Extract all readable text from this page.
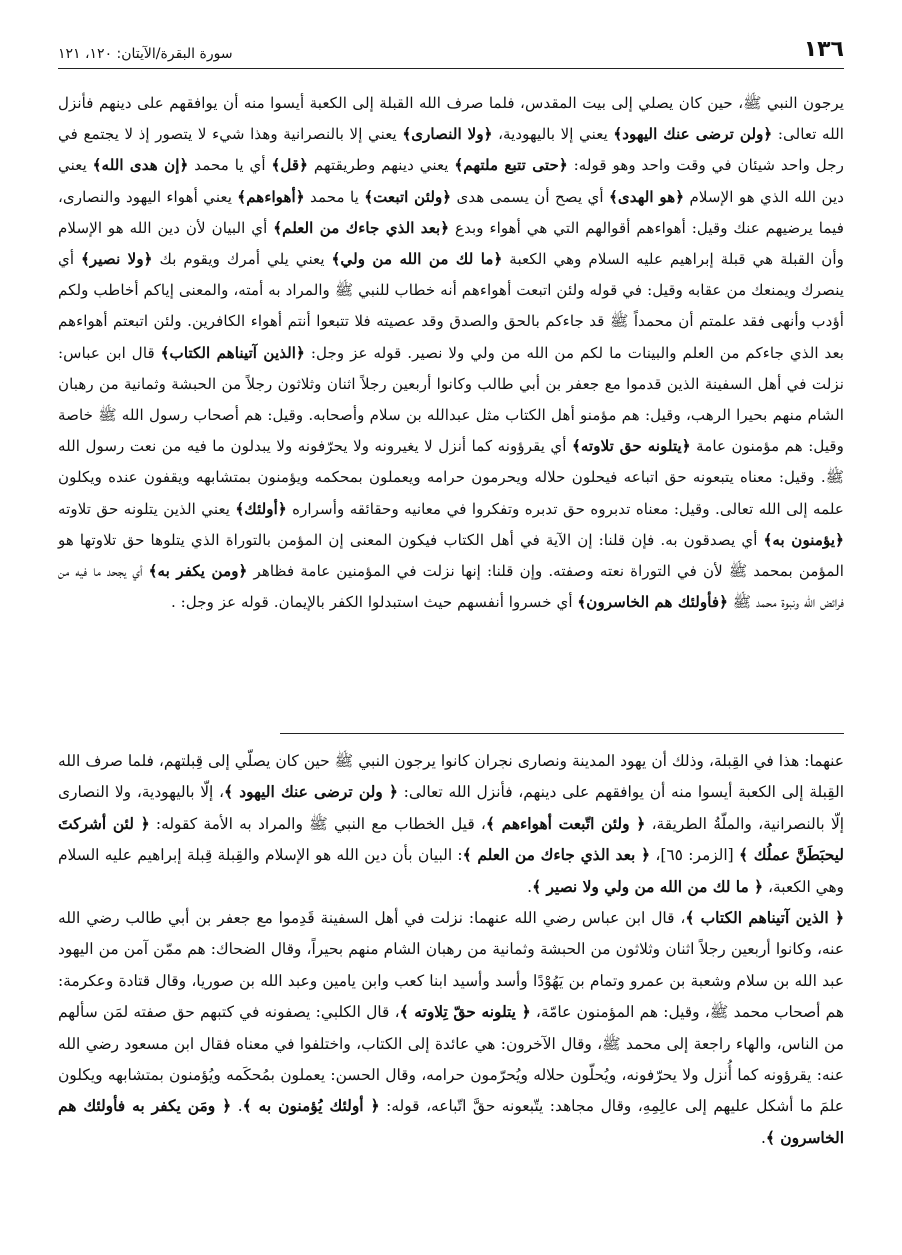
١٣٦
سورة البقرة/الآيتان: ١٢٠، ١٢١

يرجون النبي ﷺ، حين كان يصلي إلى بيت المقدس، فلما صرف الله القبلة إلى الكعبة أيسوا منه أن يوافقهم على دينهم فأنزل الله تعالى: ﴿ولن ترضى عنك اليهود﴾ يعني إلا باليهودية، ﴿ولا النصارى﴾ يعني إلا بالنصرانية وهذا شيء لا يتصور إذ لا يجتمع في رجل واحد شيئان في وقت واحد وهو قوله: ﴿حتى تتبع ملتهم﴾ يعني دينهم وطريقتهم ﴿قل﴾ أي يا محمد ﴿إن هدى الله﴾ يعني دين الله الذي هو الإسلام ﴿هو الهدى﴾ أي يصح أن يسمى هدى ﴿ولئن اتبعت﴾ يا محمد ﴿أهواءهم﴾ يعني أهواء اليهود والنصارى، فيما يرضيهم عنك وقيل: أهواءهم أقوالهم التي هي أهواء وبدع ﴿بعد الذي جاءك من العلم﴾ أي البيان لأن دين الله هو الإسلام وأن القبلة هي قبلة إبراهيم عليه السلام وهي الكعبة ﴿ما لك من الله من ولي﴾ يعني يلي أمرك ويقوم بك ﴿ولا نصير﴾ أي ينصرك ويمنعك من عقابه وقيل: في قوله ولئن اتبعت أهواءهم أنه خطاب للنبي ﷺ والمراد به أمته، والمعنى إياكم أخاطب ولكم أؤدب وأنهى فقد علمتم أن محمداً ﷺ قد جاءكم بالحق والصدق وقد عصيته فلا تتبعوا أنتم أهواء الكافرين. ولئن اتبعتم أهواءهم بعد الذي جاءكم من العلم والبينات ما لكم من الله من ولي ولا نصير. قوله عز وجل: ﴿الذين آتيناهم الكتاب﴾ قال ابن عباس: نزلت في أهل السفينة الذين قدموا مع جعفر بن أبي طالب وكانوا أربعين رجلاً اثنان وثلاثون رجلاً من الحبشة وثمانية من رهبان الشام منهم بحيرا الرهب، وقيل: هم مؤمنو أهل الكتاب مثل عبدالله بن سلام وأصحابه. وقيل: هم أصحاب رسول الله ﷺ خاصة وقيل: هم مؤمنون عامة ﴿يتلونه حق تلاوته﴾ أي يقرؤونه كما أنزل لا يغيرونه ولا يحرّفونه ولا يبدلون ما فيه من نعت رسول الله ﷺ. وقيل: معناه يتبعونه حق اتباعه فيحلون حلاله ويحرمون حرامه ويعملون بمحكمه ويؤمنون بمتشابهه ويقفون عنده ويكلون علمه إلى الله تعالى. وقيل: معناه تدبروه حق تدبره وتفكروا في معانيه وحقائقه وأسراره ﴿أولئك﴾ يعني الذين يتلونه حق تلاوته ﴿يؤمنون به﴾ أي يصدقون به. فإن قلنا: إن الآية في أهل الكتاب فيكون المعنى إن المؤمن بالتوراة الذي يتلوها حق تلاوتها هو المؤمن بمحمد ﷺ لأن في التوراة نعته وصفته. وإن قلنا: إنها نزلت في المؤمنين عامة فظاهر ﴿ومن يكفر به﴾ أي يجحد ما فيه من فرائض الله ونبوة محمد ﷺ ﴿فأولئك هم الخاسرون﴾ أي خسروا أنفسهم حيث استبدلوا الكفر بالإيمان. قوله عز وجل: .

عنهما: هذا في القِبلة، وذلك أن يهود المدينة ونصارى نجران كانوا يرجون النبي ﷺ حين كان يصلّي إلى قِبلتهم، فلما صرف الله القِبلة إلى الكعبة أيسوا منه أن يوافقهم على دينهم، فأنزل الله تعالى: ﴿ ولن ترضى عنك اليهود ﴾، إلّا باليهودية، ولا النصارى إلّا بالنصرانية، والملّةُ الطريقة، ﴿ ولئن اتّبعت أهواءهم ﴾، قيل الخطاب مع النبي ﷺ والمراد به الأمة كقوله: ﴿ لئن أشركتَ ليحبَطَنَّ عملُك ﴾ [الزمر: ٦٥]، ﴿ بعد الذي جاءك من العلم ﴾: البيان بأن دين الله هو الإسلام والقِبلة قِبلة إبراهيم عليه السلام وهي الكعبة، ﴿ ما لك من الله من ولي ولا نصير ﴾.

﴿ الذين آتيناهم الكتاب ﴾، قال ابن عباس رضي الله عنهما: نزلت في أهل السفينة قَدِموا مع جعفر بن أبي طالب رضي الله عنه، وكانوا أربعين رجلاً اثنان وثلاثون من الحبشة وثمانية من رهبان الشام منهم بحيراً، وقال الضحاك: هم ممّن آمن من اليهود عبد الله بن سلام وشعبة بن عمرو وتمام بن يَهُوْدًا وأسد وأسيد ابنا كعب وابن يامين وعبد الله بن صوريا، وقال قتادة وعكرمة: هم أصحاب محمد ﷺ، وقيل: هم المؤمنون عامّة، ﴿ يتلونه حقّ تِلاوته ﴾، قال الكلبي: يصفونه في كتبهم حق صفته لمَن سألهم من الناس، والهاء راجعة إلى محمد ﷺ، وقال الآخرون: هي عائدة إلى الكتاب، واختلفوا في معناه فقال ابن مسعود رضي الله عنه: يقرؤونه كما أُنزل ولا يحرّفونه، ويُحلّون حلاله ويُحرّمون حرامه، وقال الحسن: يعملون بمُحكَمه ويُؤمنون بمتشابهه ويكلون علمَ ما أشكل عليهم إلى عالِمِهِ، وقال مجاهد: يتّبعونه حقَّ اتّباعه، قوله: ﴿ أولئك يُؤمنون به ﴾. ﴿ ومَن يكفر به فأولئك هم الخاسرون ﴾.
